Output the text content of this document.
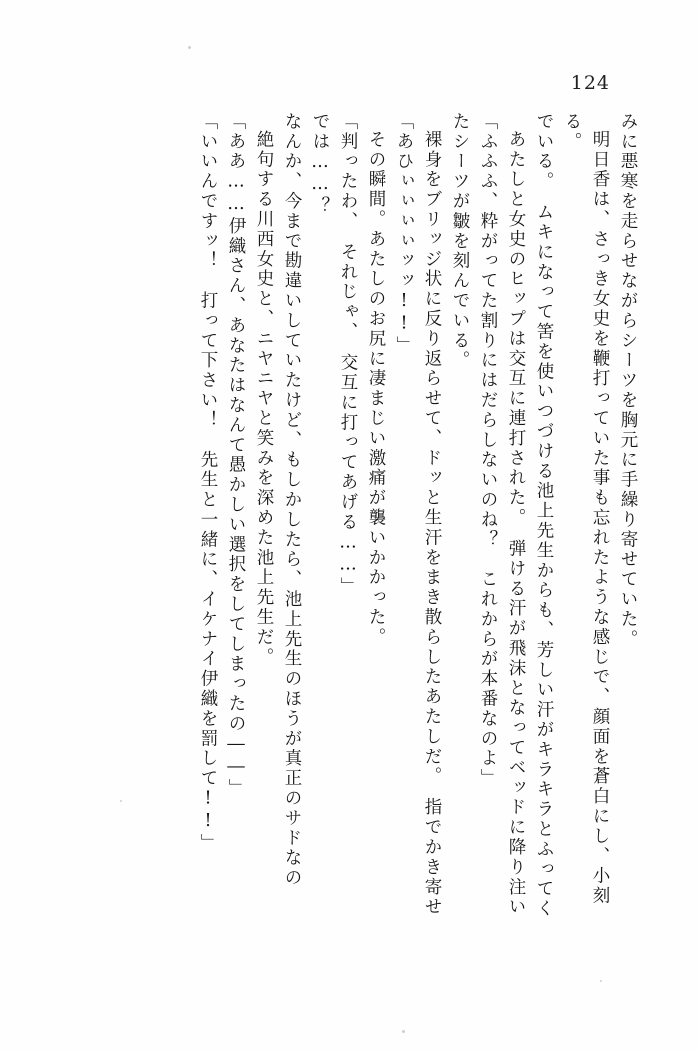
124
「いいんですッ！　打って下さい！　先生と一緒に、イケナイ伊織を罰して!!」 「ああ……伊織さん、あなたはなんて愚かしい選択をしてしまったの――」 絶句する川西女史と、ニヤニヤと笑みを深めた池上先生だ。 なんか、今まで勘違いしていたけど、もしかしたら、池上先生のほうが真正のサドなの では……？ 「判ったわ、　それじゃ、　交互に打ってあげる……」 その瞬間。あたしのお尻に凄まじい激痛が襲いかかった。 「あひぃぃぃぃッッ!!」 裸身をブリッジ状に反り返らせて、ドッと生汗をまき散らしたあたしだ。　指でかき寄せ たシーツが皺を刻んでいる。 「ふふふ、粋がってた割りにはだらしないのね？　これからが本番なのよ」 あたしと女史のヒップは交互に連打された。　弾ける汗が飛沫となってベッドに降り注い でいる。　ムキになって筈を使いつづける池上先生からも、芳しい汗がキラキラとふってく る。 明日香は、さっき女史を鞭打っていた事も忘れたような感じで、顔面を蒼白にし、小刻 みに悪寒を走らせながらシーツを胸元に手繰り寄せていた。
